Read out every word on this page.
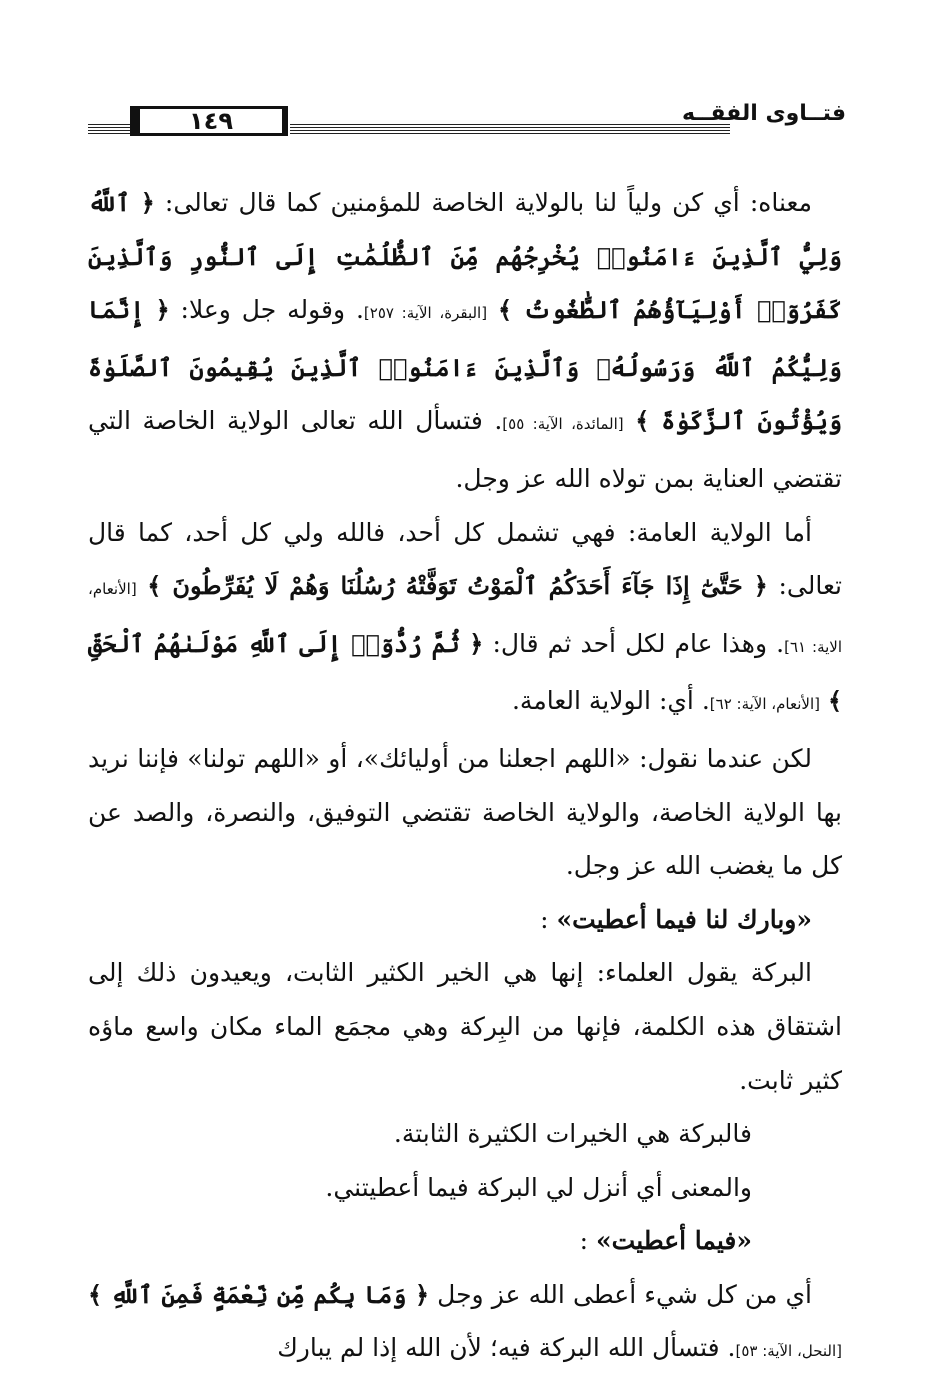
١٤٩	فتــاوى الفقــه

معناه: أي كن ولياً لنا بالولاية الخاصة للمؤمنين كما قال تعالى: ﴿ ٱللَّهُ وَلِيُّ ٱلَّذِينَ ءَامَنُوا۟ يُخْرِجُهُم مِّنَ ٱلظُّلُمَٰتِ إِلَى ٱلنُّورِ وَٱلَّذِينَ كَفَرُوٓا۟ أَوْلِيَآؤُهُمُ ٱلطَّٰغُوتُ ﴾ [البقرة، الآية: ٢٥٧]. وقوله جل وعلا: ﴿ إِنَّمَا وَلِيُّكُمُ ٱللَّهُ وَرَسُولُهُۥ وَٱلَّذِينَ ءَامَنُوا۟ ٱلَّذِينَ يُقِيمُونَ ٱلصَّلَوٰةَ وَيُؤْتُونَ ٱلزَّكَوٰةَ ﴾ [المائدة، الآية: ٥٥]. فتسأل الله تعالى الولاية الخاصة التي تقتضي العناية بمن تولاه الله عز وجل.

أما الولاية العامة: فهي تشمل كل أحد، فالله ولي كل أحد، كما قال تعالى: ﴿ حَتَّىٰٓ إِذَا جَآءَ أَحَدَكُمُ ٱلْمَوْتُ تَوَفَّتْهُ رُسُلُنَا وَهُمْ لَا يُفَرِّطُونَ ﴾ [الأنعام، الاية: ٦١]. وهذا عام لكل أحد ثم قال: ﴿ ثُمَّ رُدُّوٓا۟ إِلَى ٱللَّهِ مَوْلَىٰهُمُ ٱلْحَقِّ ﴾ [الأنعام، الآية: ٦٢]. أي: الولاية العامة.

لكن عندما نقول: «اللهم اجعلنا من أوليائك»، أو «اللهم تولنا» فإننا نريد بها الولاية الخاصة، والولاية الخاصة تقتضي التوفيق، والنصرة، والصد عن كل ما يغضب الله عز وجل.

«وبارك لنا فيما أعطيت» :

البركة يقول العلماء: إنها هي الخير الكثير الثابت، ويعيدون ذلك إلى اشتقاق هذه الكلمة، فإنها من البِركة وهي مجمَع الماء مكان واسع ماؤه كثير ثابت.

فالبركة هي الخيرات الكثيرة الثابتة.

والمعنى أي أنزل لي البركة فيما أعطيتني.

«فيما أعطيت» :

أي من كل شيء أعطى الله عز وجل ﴿ وَمَا بِكُم مِّن نِّعْمَةٍ فَمِنَ ٱللَّهِ ﴾ [النحل، الآية: ٥٣]. فتسأل الله البركة فيه؛ لأن الله إذا لم يبارك
